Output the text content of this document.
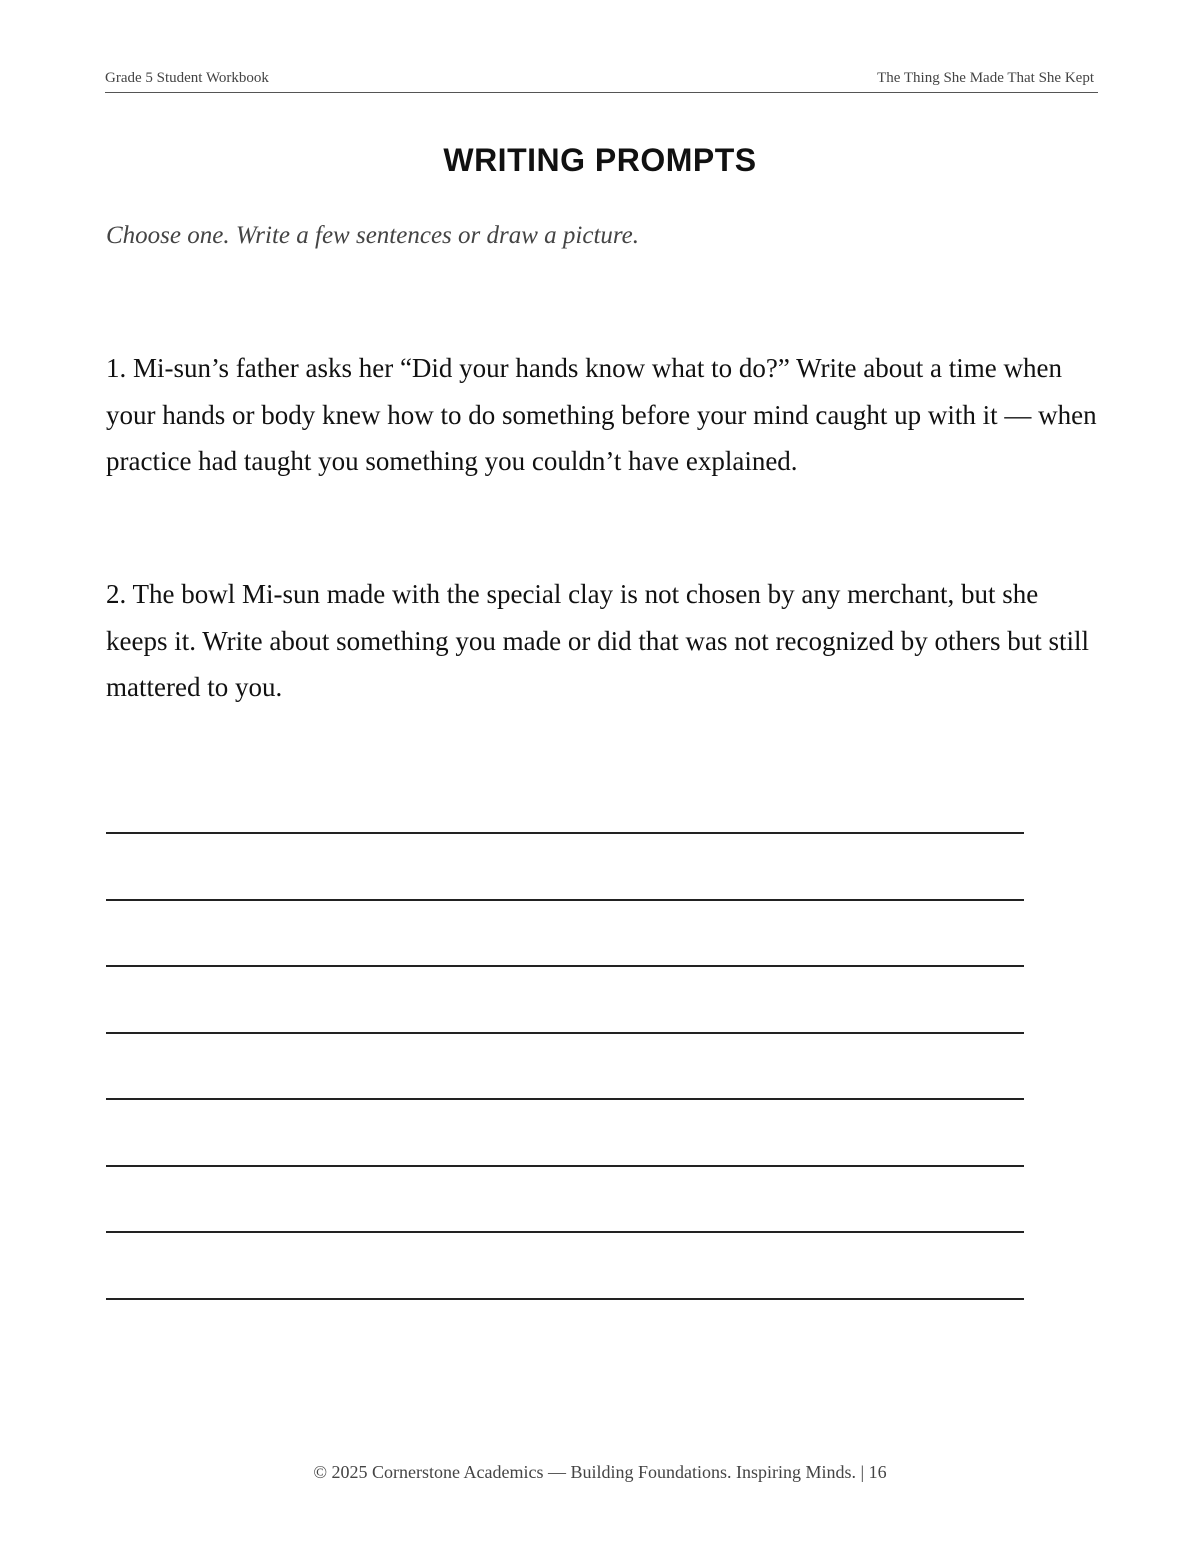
Grade 5 Student Workbook	The Thing She Made That She Kept
WRITING PROMPTS
Choose one. Write a few sentences or draw a picture.
1. Mi-sun’s father asks her “Did your hands know what to do?” Write about a time when your hands or body knew how to do something before your mind caught up with it — when practice had taught you something you couldn’t have explained.
2. The bowl Mi-sun made with the special clay is not chosen by any merchant, but she keeps it. Write about something you made or did that was not recognized by others but still mattered to you.
© 2025 Cornerstone Academics — Building Foundations. Inspiring Minds. | 16
